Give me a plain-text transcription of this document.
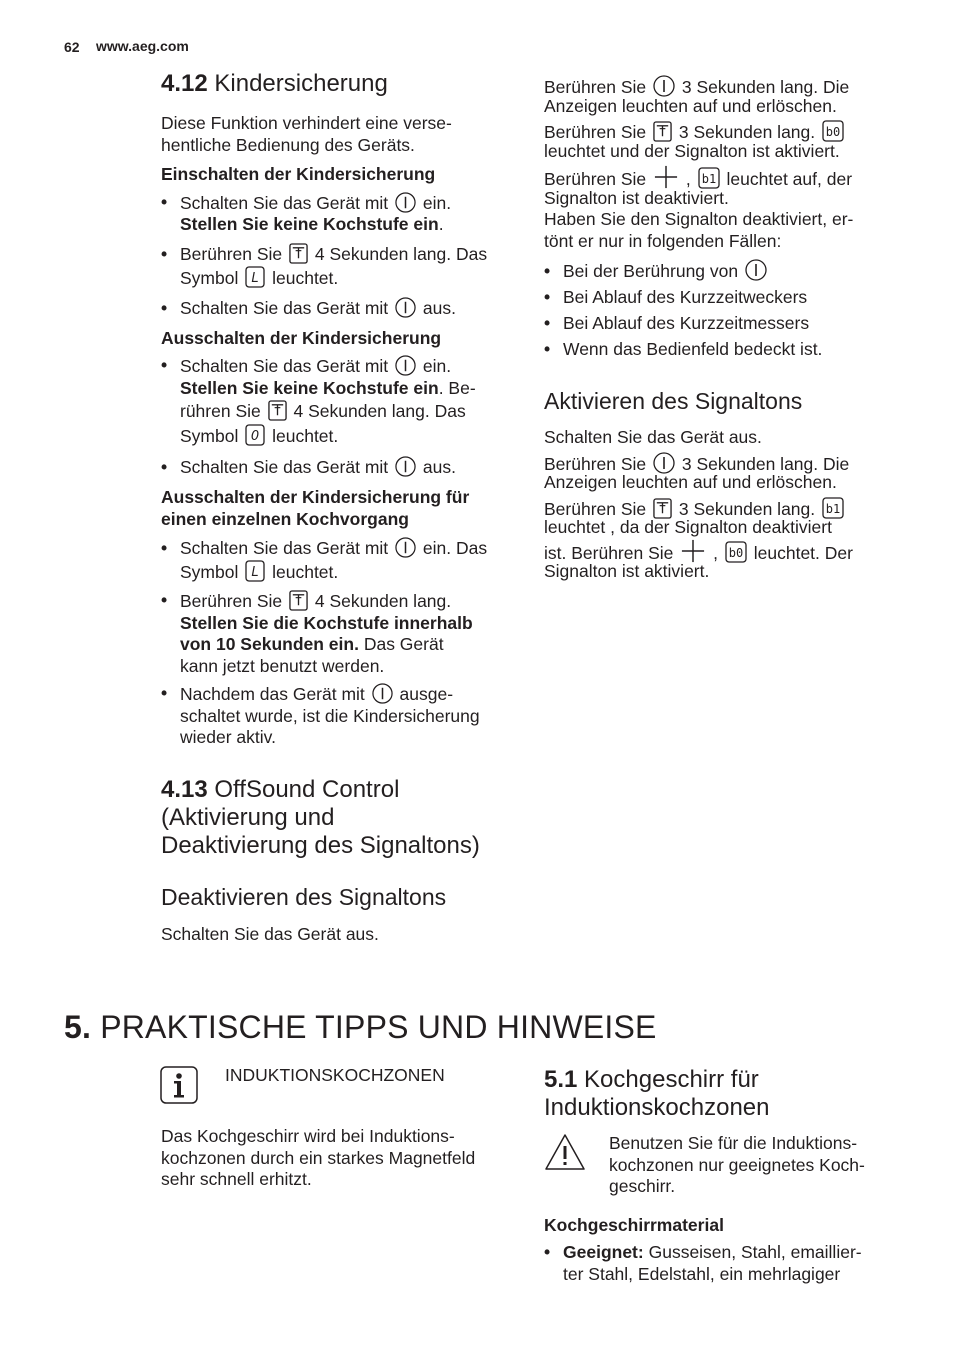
62 www.aeg.com
4.12 Kindersicherung
Diese Funktion verhindert eine verse-
hentliche Bedienung des Geräts.
Einschalten der Kindersicherung
• Schalten Sie das Gerät mit ein.
Stellen Sie keine Kochstufe ein.
• Berühren Sie 4 Sekunden lang. Das
Symbol L leuchtet.
• Schalten Sie das Gerät mit aus.
Ausschalten der Kindersicherung
• Schalten Sie das Gerät mit ein.
Stellen Sie keine Kochstufe ein. Be-
rühren Sie 4 Sekunden lang. Das
Symbol 0 leuchtet.
• Schalten Sie das Gerät mit aus.
Ausschalten der Kindersicherung für
einen einzelnen Kochvorgang
• Schalten Sie das Gerät mit ein. Das
Symbol L leuchtet.
• Berühren Sie 4 Sekunden lang.
Stellen Sie die Kochstufe innerhalb
von 10 Sekunden ein. Das Gerät
kann jetzt benutzt werden.
• Nachdem das Gerät mit ausge-
schaltet wurde, ist die Kindersicherung
wieder aktiv.
4.13 OffSound Control
(Aktivierung und
Deaktivierung des Signaltons)
Deaktivieren des Signaltons
Schalten Sie das Gerät aus.
Berühren Sie 3 Sekunden lang. Die
Anzeigen leuchten auf und erlöschen.
Berühren Sie 3 Sekunden lang. b0
leuchtet und der Signalton ist aktiviert.
Berühren Sie , b1 leuchtet auf, der
Signalton ist deaktiviert.
Haben Sie den Signalton deaktiviert, er-
tönt er nur in folgenden Fällen:
• Bei der Berührung von
• Bei Ablauf des Kurzzeitweckers
• Bei Ablauf des Kurzzeitmessers
• Wenn das Bedienfeld bedeckt ist.
Aktivieren des Signaltons
Schalten Sie das Gerät aus.
Berühren Sie 3 Sekunden lang. Die
Anzeigen leuchten auf und erlöschen.
Berühren Sie 3 Sekunden lang. b1
leuchtet , da der Signalton deaktiviert
ist. Berühren Sie , b0 leuchtet. Der
Signalton ist aktiviert.
5. PRAKTISCHE TIPPS UND HINWEISE
INDUKTIONSKOCHZONEN
Das Kochgeschirr wird bei Induktions-
kochzonen durch ein starkes Magnetfeld
sehr schnell erhitzt.
5.1 Kochgeschirr für
Induktionskochzonen
Benutzen Sie für die Induktions-
kochzonen nur geeignetes Koch-
geschirr.
Kochgeschirrmaterial
• Geeignet: Gusseisen, Stahl, emaillier-
ter Stahl, Edelstahl, ein mehrlagiger
